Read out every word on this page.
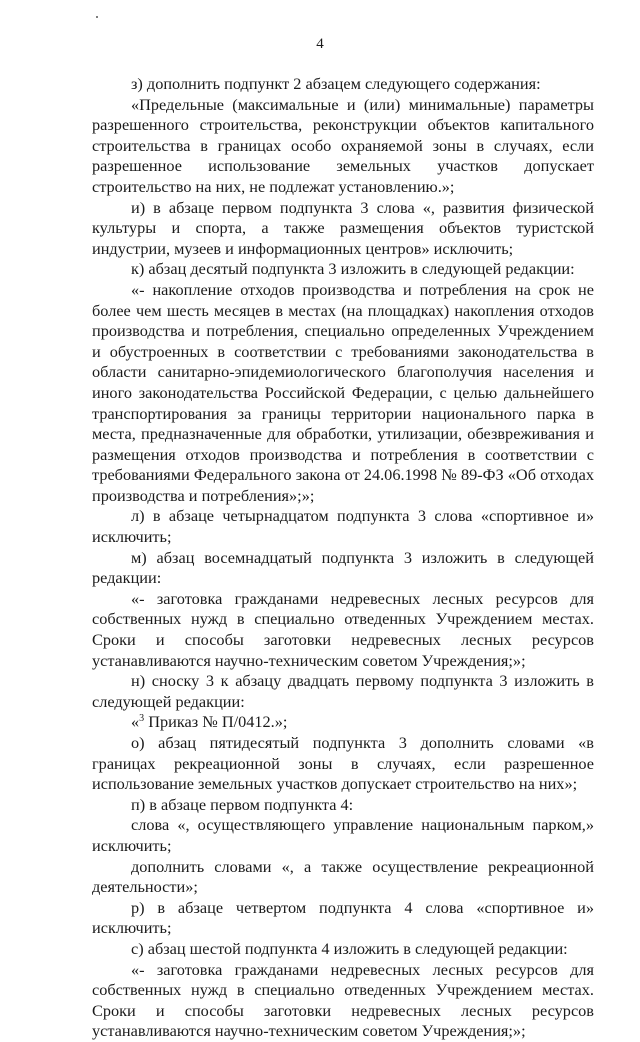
4

з) дополнить подпункт 2 абзацем следующего содержания:

«Предельные (максимальные и (или) минимальные) параметры разрешенного строительства, реконструкции объектов капитального строительства в границах особо охраняемой зоны в случаях, если разрешенное использование земельных участков допускает строительство на них, не подлежат установлению.»;

и) в абзаце первом подпункта 3 слова «, развития физической культуры и спорта, а также размещения объектов туристской индустрии, музеев и информационных центров» исключить;

к) абзац десятый подпункта 3 изложить в следующей редакции:

«- накопление отходов производства и потребления на срок не более чем шесть месяцев в местах (на площадках) накопления отходов производства и потребления, специально определенных Учреждением и обустроенных в соответствии с требованиями законодательства в области санитарно-эпидемиологического благополучия населения и иного законодательства Российской Федерации, с целью дальнейшего транспортирования за границы территории национального парка в места, предназначенные для обработки, утилизации, обезвреживания и размещения отходов производства и потребления в соответствии с требованиями Федерального закона от 24.06.1998 № 89-ФЗ «Об отходах производства и потребления»;»;

л) в абзаце четырнадцатом подпункта 3 слова «спортивное и» исключить;

м) абзац восемнадцатый подпункта 3 изложить в следующей редакции:

«- заготовка гражданами недревесных лесных ресурсов для собственных нужд в специально отведенных Учреждением местах. Сроки и способы заготовки недревесных лесных ресурсов устанавливаются научно-техническим советом Учреждения;»;

н) сноску 3 к абзацу двадцать первому подпункта 3 изложить в следующей редакции:

«$^3$ Приказ № П/0412.»;

о) абзац пятидесятый подпункта 3 дополнить словами «в границах рекреационной зоны в случаях, если разрешенное использование земельных участков допускает строительство на них»;

п) в абзаце первом подпункта 4:

слова «, осуществляющего управление национальным парком,» исключить;

дополнить словами «, а также осуществление рекреационной деятельности»;

р) в абзаце четвертом подпункта 4 слова «спортивное и» исключить;

с) абзац шестой подпункта 4 изложить в следующей редакции:

«- заготовка гражданами недревесных лесных ресурсов для собственных нужд в специально отведенных Учреждением местах. Сроки и способы заготовки недревесных лесных ресурсов устанавливаются научно-техническим советом Учреждения;»;
